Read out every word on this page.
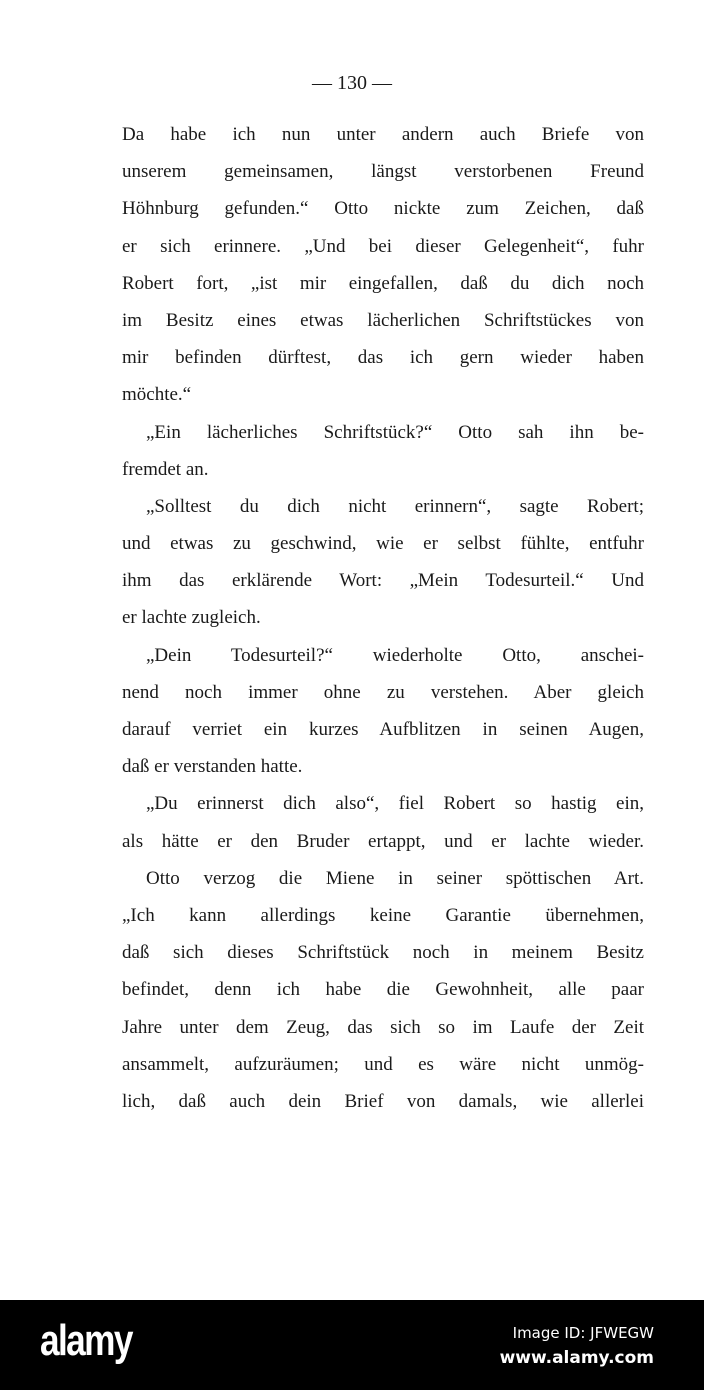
— 130 —
Da habe ich nun unter andern auch Briefe von
unserem gemeinsamen, längst verstorbenen Freund
Höhnburg gefunden.“ Otto nickte zum Zeichen, daß
er sich erinnere. „Und bei dieser Gelegenheit“, fuhr
Robert fort, „ist mir eingefallen, daß du dich noch
im Besitz eines etwas lächerlichen Schriftstückes von
mir befinden dürftest, das ich gern wieder haben
möchte.“
„Ein lächerliches Schriftstück?“ Otto sah ihn be-
fremdet an.
„Solltest du dich nicht erinnern“, sagte Robert;
und etwas zu geschwind, wie er selbst fühlte, entfuhr
ihm das erklärende Wort: „Mein Todesurteil.“ Und
er lachte zugleich.
„Dein Todesurteil?“ wiederholte Otto, anschei-
nend noch immer ohne zu verstehen. Aber gleich
darauf verriet ein kurzes Aufblitzen in seinen Augen,
daß er verstanden hatte.
„Du erinnerst dich also“, fiel Robert so hastig ein,
als hätte er den Bruder ertappt, und er lachte wieder.
Otto verzog die Miene in seiner spöttischen Art.
„Ich kann allerdings keine Garantie übernehmen,
daß sich dieses Schriftstück noch in meinem Besitz
befindet, denn ich habe die Gewohnheit, alle paar
Jahre unter dem Zeug, das sich so im Laufe der Zeit
ansammelt, aufzuräumen; und es wäre nicht unmög-
lich, daß auch dein Brief von damals, wie allerlei
alamy	Image ID: JFWEGW
www.alamy.com
